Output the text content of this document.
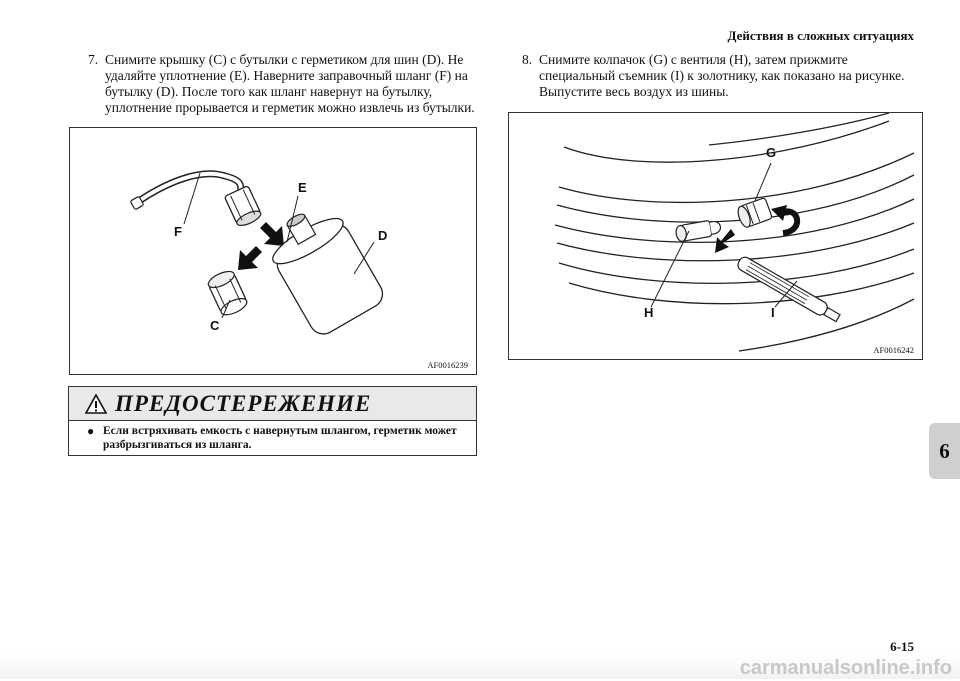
Действия в сложных ситуациях
7. Снимите крышку (C) с бутылки с герметиком для шин (D). Не удаляйте уплотнение (E). Наверните заправочный шланг (F) на бутылку (D). После того как шланг навернут на бутылку, уплотнение прорывается и герметик можно извлечь из бутылки.
8. Снимите колпачок (G) с вентиля (H), затем прижмите специальный съемник (I) к золотнику, как показано на рисунке. Выпустите весь воздух из шины.
E
F	D
C
AF0016239
G
H	I
AF0016242
ПРЕДОСТЕРЕЖЕНИЕ
● Если встряхивать емкость с навернутым шлангом, герметик может разбрызгиваться из шланга.	6
6-15
carmanualsonline.info
